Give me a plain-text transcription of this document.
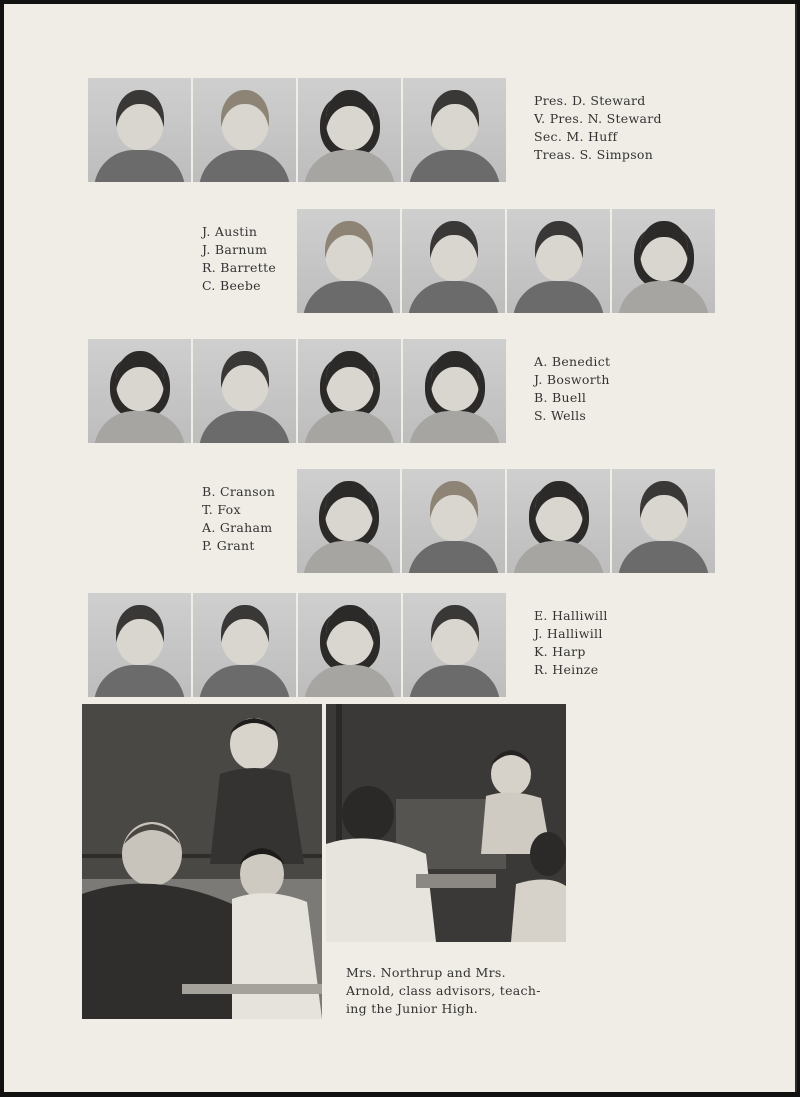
Pres. D. Steward
V. Pres. N. Steward
Sec. M. Huff
Treas. S. Simpson
J. Austin
J. Barnum
R. Barrette
C. Beebe
A. Benedict
J. Bosworth
B. Buell
S. Wells
B. Cranson
T. Fox
A. Graham
P. Grant
E. Halliwill
J. Halliwill
K. Harp
R. Heinze
Mrs. Northrup and Mrs.
Arnold, class advisors, teach-
ing the Junior High.
